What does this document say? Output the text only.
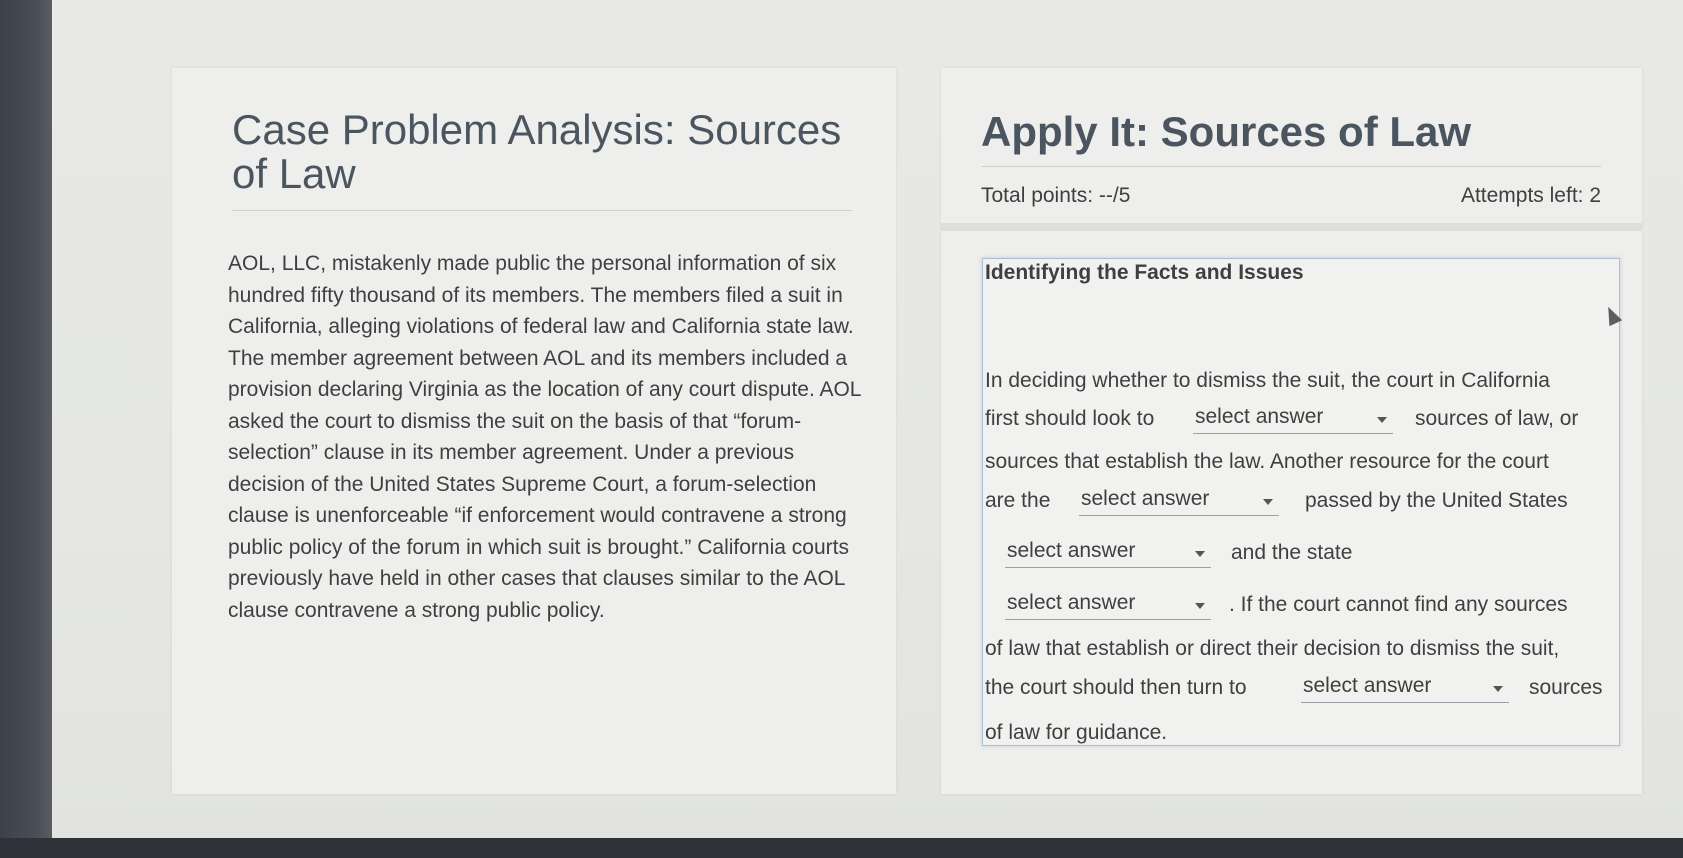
Case Problem Analysis: Sources of Law

AOL, LLC, mistakenly made public the personal information of six hundred fifty thousand of its members. The members filed a suit in California, alleging violations of federal law and California state law. The member agreement between AOL and its members included a provision declaring Virginia as the location of any court dispute. AOL asked the court to dismiss the suit on the basis of that “forum-selection” clause in its member agreement. Under a previous decision of the United States Supreme Court, a forum-selection clause is unenforceable “if enforcement would contravene a strong public policy of the forum in which suit is brought.” California courts previously have held in other cases that clauses similar to the AOL clause contravene a strong public policy.

Apply It: Sources of Law
Total points: --/5	Attempts left: 2
Identifying the Facts and Issues
In deciding whether to dismiss the suit, the court in California
first should look to select answer	sources of law, or
sources that establish the law. Another resource for the court
are the select answer	passed by the United States
select answer	and the state
select answer	. If the court cannot find any sources
of law that establish or direct their decision to dismiss the suit,
the court should then turn to	select answer	sources
of law for guidance.
